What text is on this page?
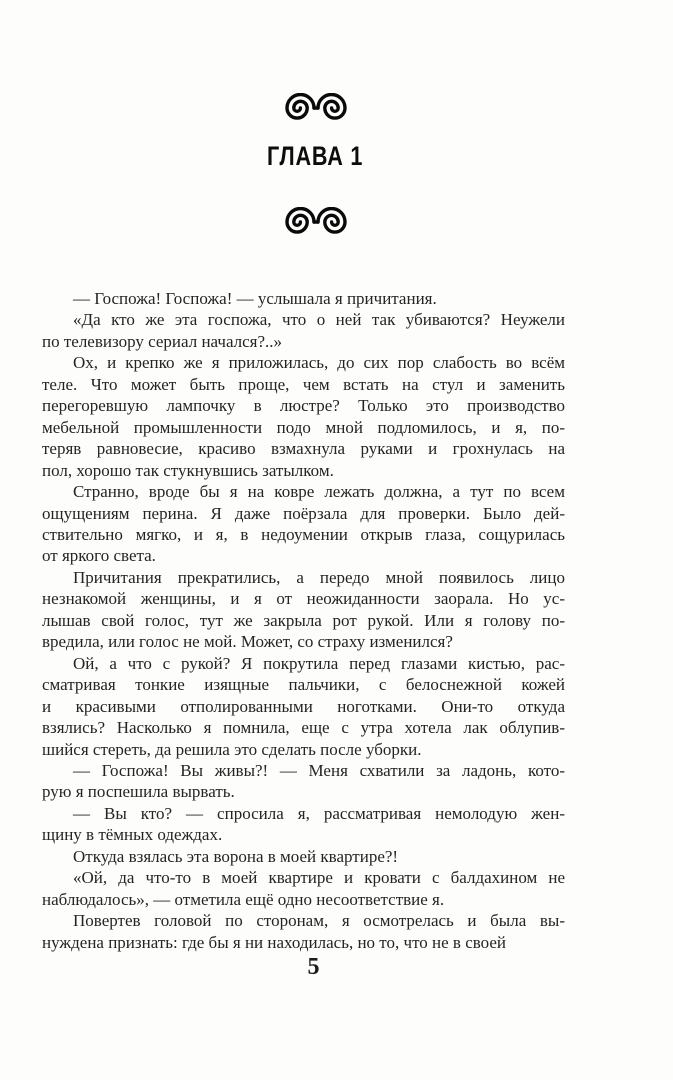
ГЛАВА 1
— Госпожа! Госпожа! — услышала я причитания.
«Да кто же эта госпожа, что о ней так убиваются? Неужели
по телевизору сериал начался?..»
Ох, и крепко же я приложилась, до сих пор слабость во всём
теле. Что может быть проще, чем встать на стул и заменить
перегоревшую лампочку в люстре? Только это производство
мебельной промышленности подо мной подломилось, и я, по-
теряв равновесие, красиво взмахнула руками и грохнулась на
пол, хорошо так стукнувшись затылком.
Странно, вроде бы я на ковре лежать должна, а тут по всем
ощущениям перина. Я даже поёрзала для проверки. Было дей-
ствительно мягко, и я, в недоумении открыв глаза, сощурилась
от яркого света.
Причитания прекратились, а передо мной появилось лицо
незнакомой женщины, и я от неожиданности заорала. Но ус-
лышав свой голос, тут же закрыла рот рукой. Или я голову по-
вредила, или голос не мой. Может, со страху изменился?
Ой, а что с рукой? Я покрутила перед глазами кистью, рас-
сматривая тонкие изящные пальчики, с белоснежной кожей
и красивыми отполированными ноготками. Они-то откуда
взялись? Насколько я помнила, еще с утра хотела лак облупив-
шийся стереть, да решила это сделать после уборки.
— Госпожа! Вы живы?! — Меня схватили за ладонь, кото-
рую я поспешила вырвать.
— Вы кто? — спросила я, рассматривая немолодую жен-
щину в тёмных одеждах.
Откуда взялась эта ворона в моей квартире?!
«Ой, да что-то в моей квартире и кровати с балдахином не
наблюдалось», — отметила ещё одно несоответствие я.
Повертев головой по сторонам, я осмотрелась и была вы-
нуждена признать: где бы я ни находилась, но то, что не в своей
5
